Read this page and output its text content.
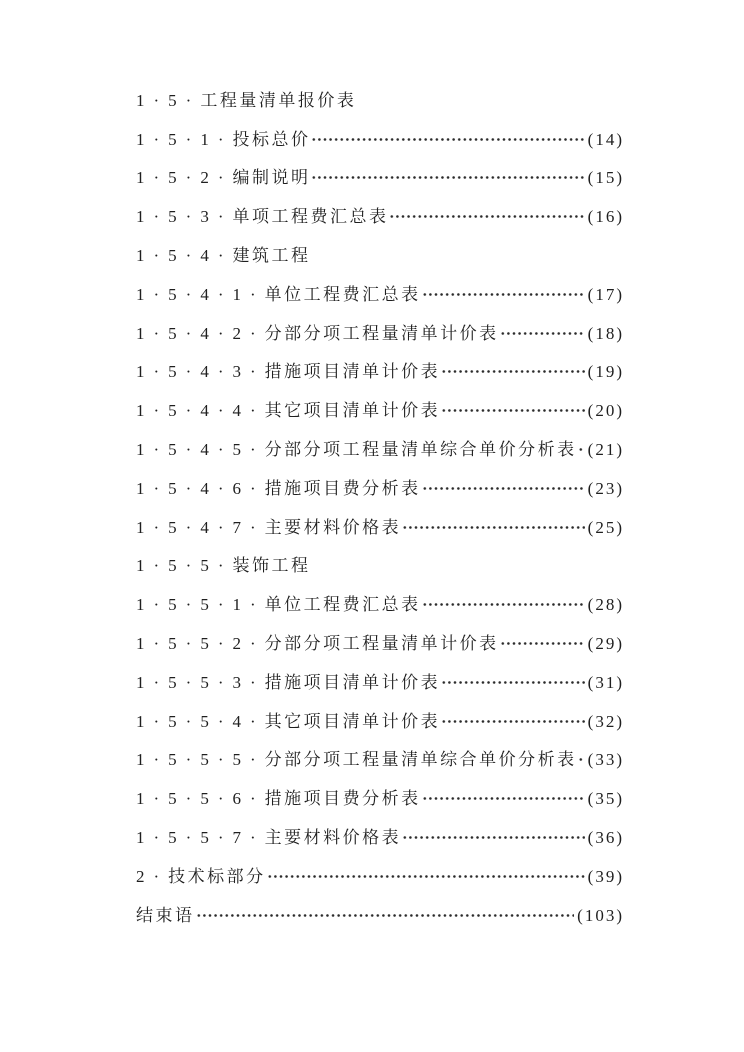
1·5· 工程量清单报价表
1·5·1· 投标总价	(14)
1·5·2· 编制说明	(15)
1·5·3· 单项工程费汇总表	(16)
1·5·4· 建筑工程
1·5·4·1· 单位工程费汇总表	(17)
1·5·4·2· 分部分项工程量清单计价表	(18)
1·5·4·3· 措施项目清单计价表	(19)
1·5·4·4· 其它项目清单计价表	(20)
1·5·4·5· 分部分项工程量清单综合单价分析表 (21)
1·5·4·6· 措施项目费分析表	(23)
1·5·4·7· 主要材料价格表	(25)
1·5·5· 装饰工程
1·5·5·1· 单位工程费汇总表	(28)
1·5·5·2· 分部分项工程量清单计价表	(29)
1·5·5·3· 措施项目清单计价表	(31)
1·5·5·4· 其它项目清单计价表	(32)
1·5·5·5· 分部分项工程量清单综合单价分析表 (33)
1·5·5·6· 措施项目费分析表	(35)
1·5·5·7· 主要材料价格表	(36)
2· 技术标部分	(39)
结束语	(103)
